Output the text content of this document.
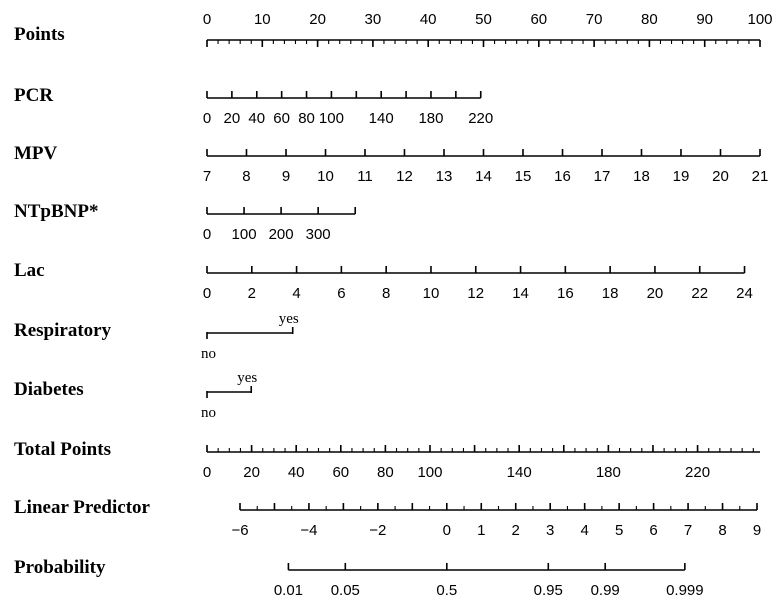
Points
0	10	20	30	40	50	60	70	80	90 100
PCR
0 20 40 60 80 100 140 180 220
MPV
7 8 9 10 11 12 13 14 15 16 17 18 19 20 21
NTpBNP*
0 100 200 300
Lac
0 2 4 6 8 10 12 14 16 18 20 22 24
Respiratory
no
yes
Diabetes
no
yes
Total Points
0 20 40 60 80 100	140	180	220
Linear Predictor
−6	−4	−2	0 1 2 3 4 5 6 7 8 9
Probability
0.01 0.05	0.5	0.95 0.99	0.999
